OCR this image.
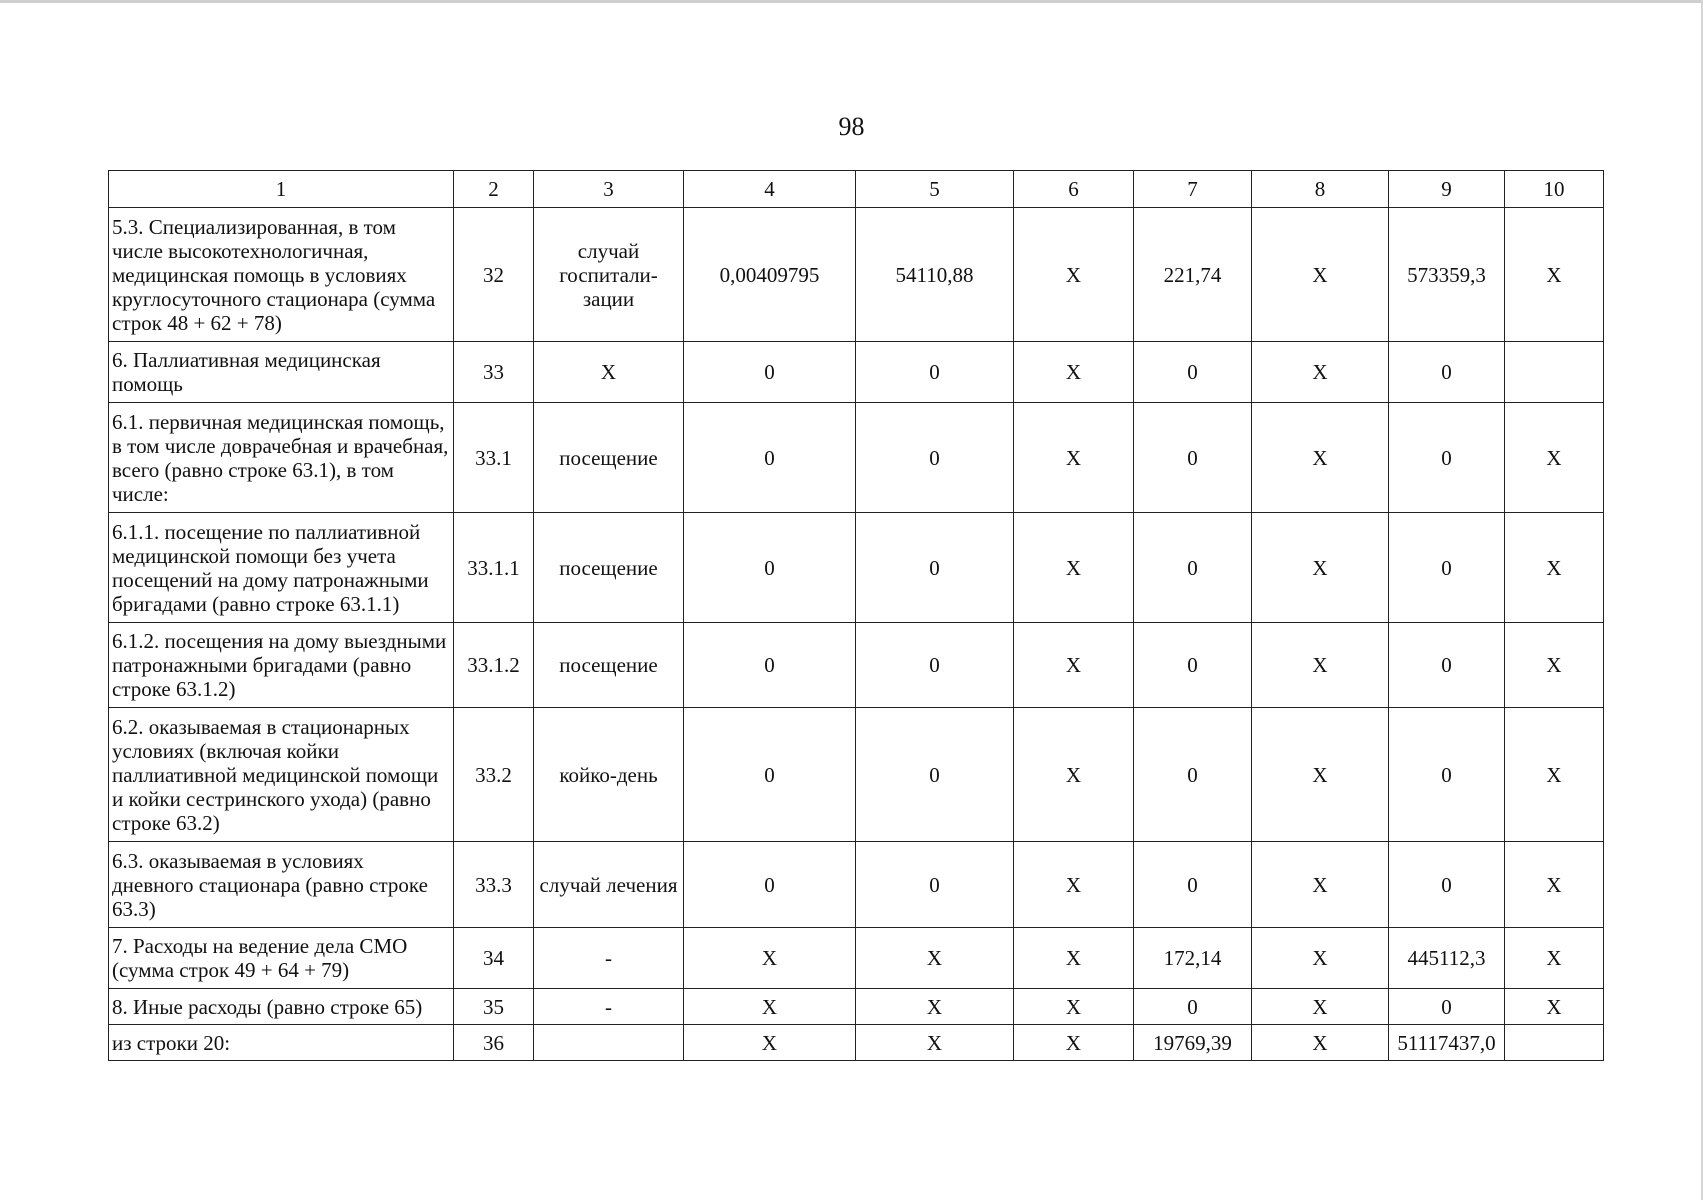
98
1	2	3	4	5	6	7	8	9	10
5.3. Специализированная, в том числе высокотехнологичная, медицинская помощь в условиях круглосуточного стационара (сумма строк 48 + 62 + 78)	32	случай госпитали-зации	0,00409795	54110,88	X	221,74	X	573359,3	X
6. Паллиативная медицинская помощь	33	X	0	0	X	0	X	0	
6.1. первичная медицинская помощь, в том числе доврачебная и врачебная, всего (равно строке 63.1), в том числе:	33.1	посещение	0	0	X	0	X	0	X
6.1.1. посещение по паллиативной медицинской помощи без учета посещений на дому патронажными бригадами (равно строке 63.1.1)	33.1.1	посещение	0	0	X	0	X	0	X
6.1.2. посещения на дому выездными патронажными бригадами (равно строке 63.1.2)	33.1.2	посещение	0	0	X	0	X	0	X
6.2. оказываемая в стационарных условиях (включая койки паллиативной медицинской помощи и койки сестринского ухода) (равно строке 63.2)	33.2	койко-день	0	0	X	0	X	0	X
6.3. оказываемая в условиях дневного стационара (равно строке 63.3)	33.3	случай лечения	0	0	X	0	X	0	X
7. Расходы на ведение дела СМО (сумма строк 49 + 64 + 79)	34	-	X	X	X	172,14	X	445112,3	X
8. Иные расходы (равно строке 65)	35	-	X	X	X	0	X	0	X
из строки 20:	36		X	X	X	19769,39	X	51117437,0	
